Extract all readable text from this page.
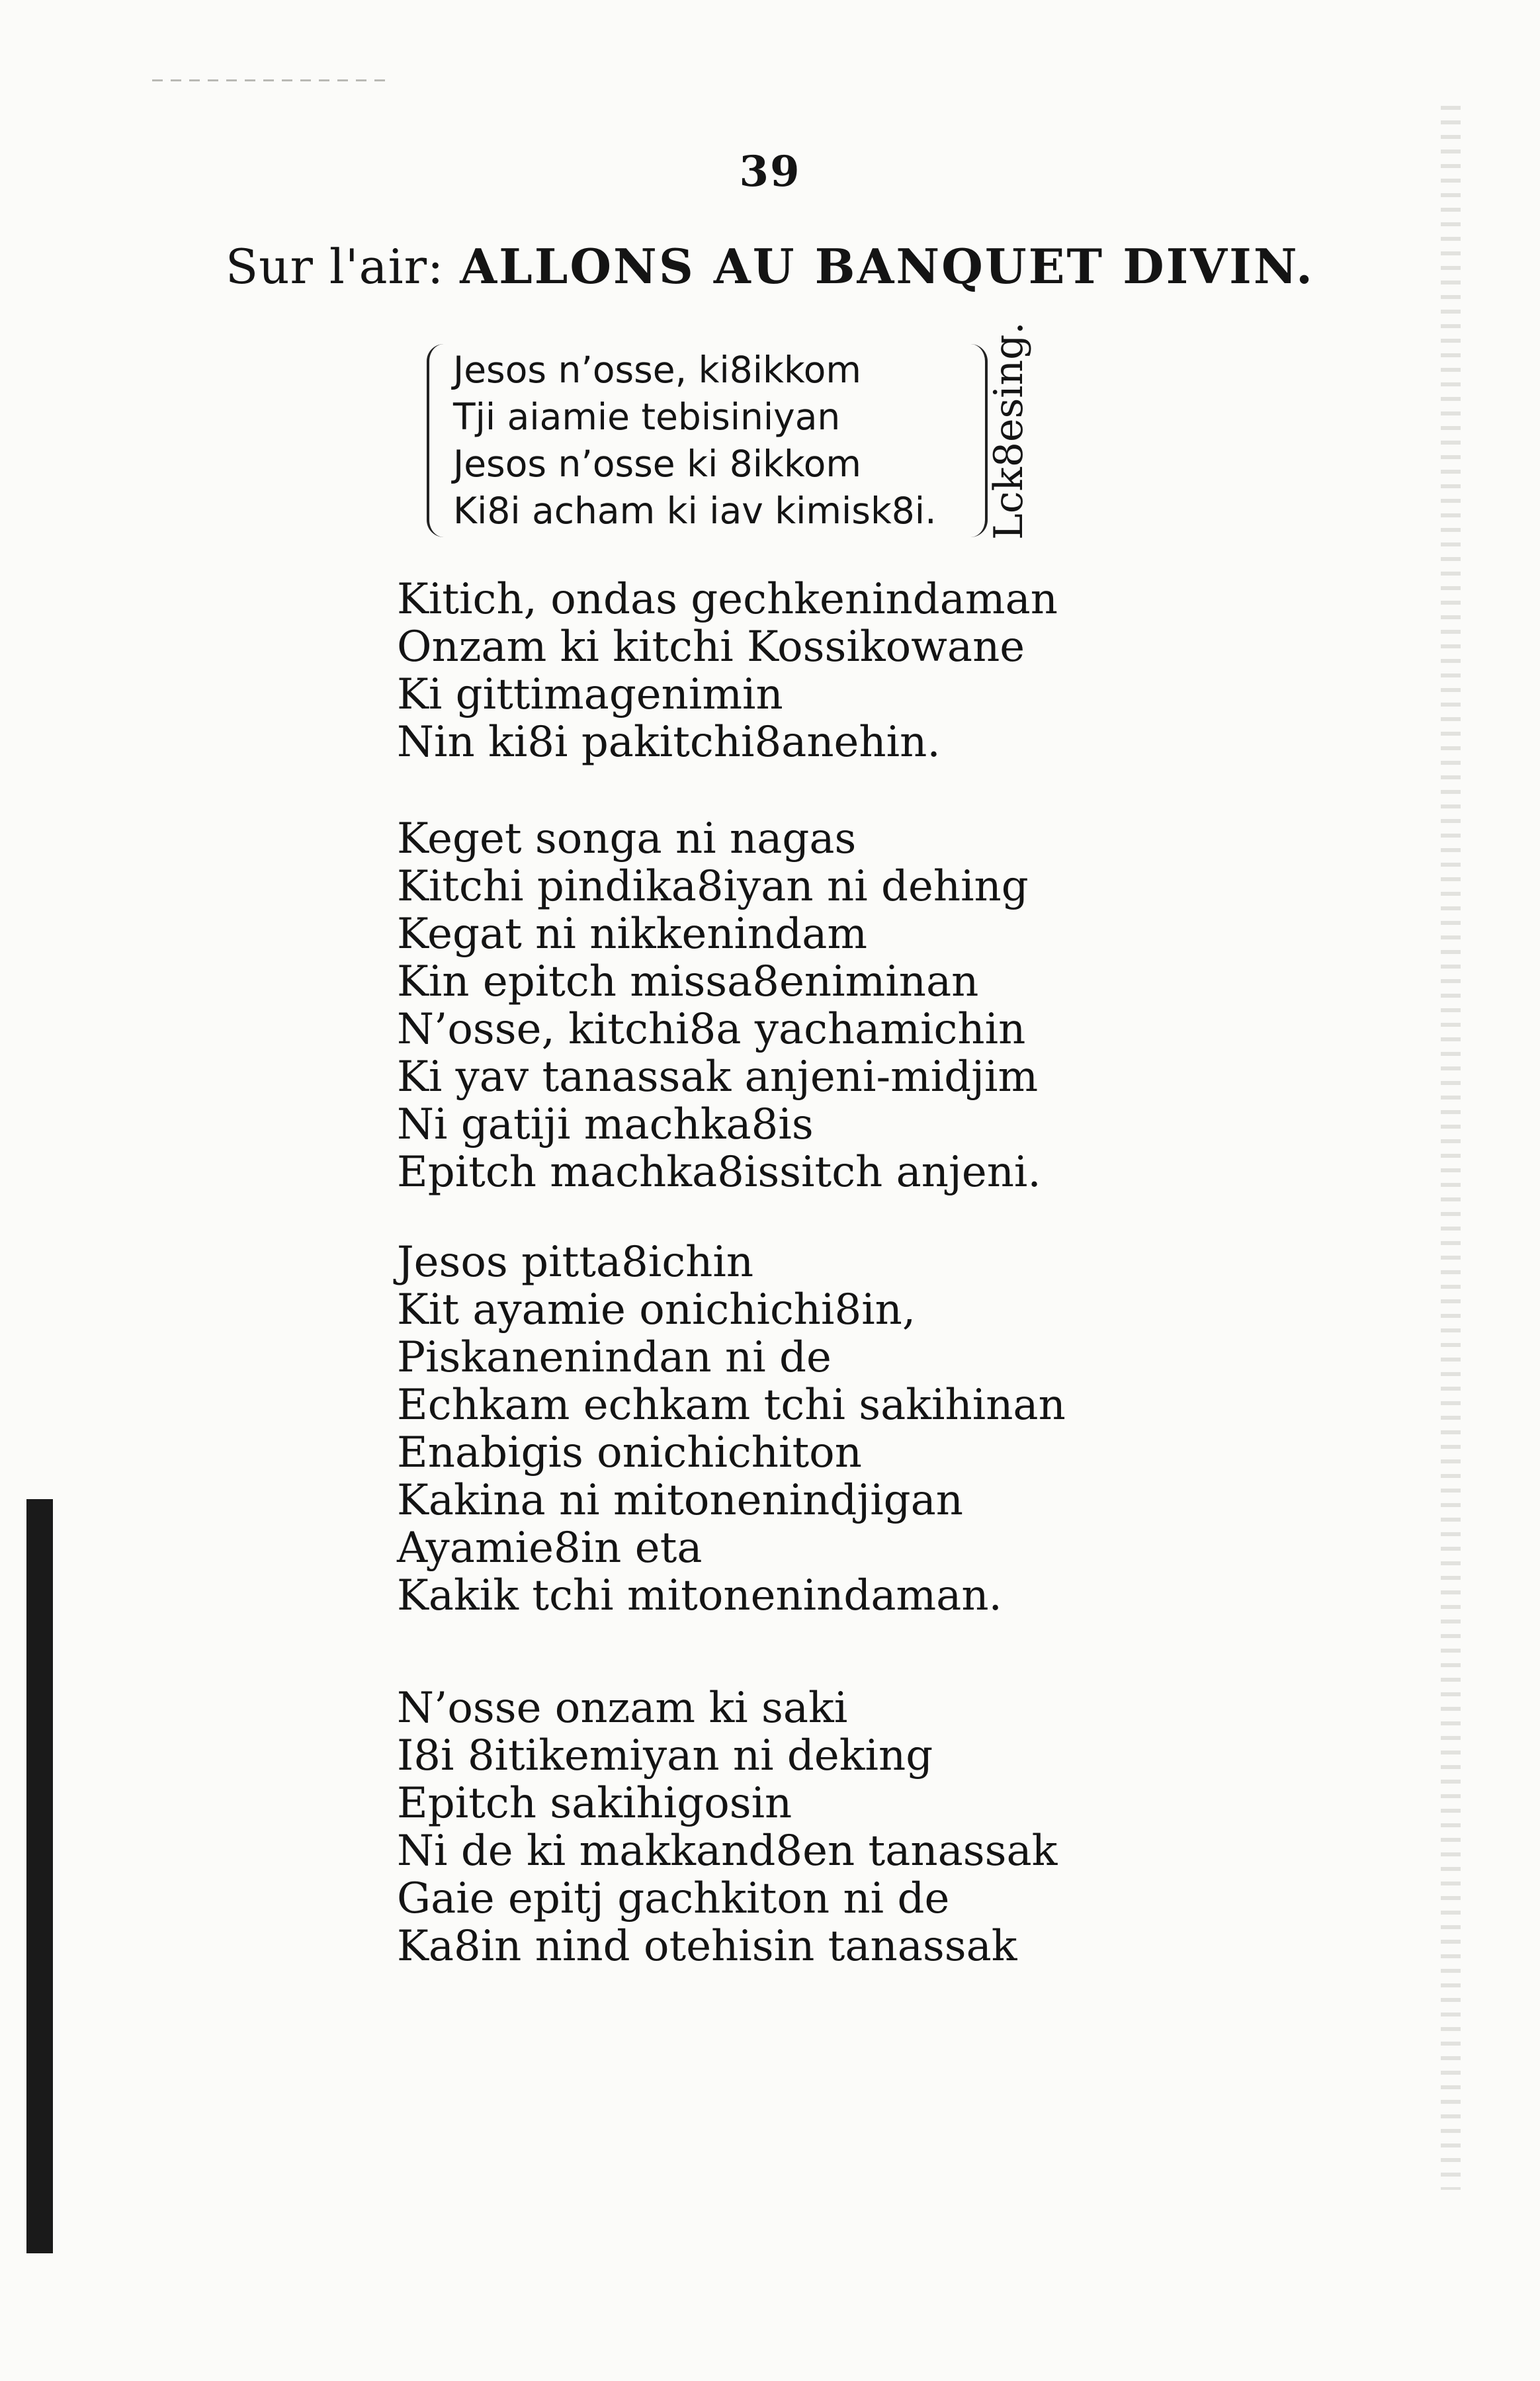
39
Sur l'air: ALLONS AU BANQUET DIVIN.
Jesos n’osse, ki8ikkom
Tji aiamie tebisiniyan
Jesos n’osse ki 8ikkom
Ki8i acham ki iav kimisk8i.	Lck8esing.
Kitich, ondas gechkenindaman
Onzam ki kitchi Kossikowane
Ki gittimagenimin
Nin ki8i pakitchi8anehin.
Keget songa ni nagas
Kitchi pindika8iyan ni dehing
Kegat ni nikkenindam
Kin epitch missa8eniminan
N’osse, kitchi8a yachamichin
Ki yav tanassak anjeni-midjim
Ni gatiji machka8is
Epitch machka8issitch anjeni.
Jesos pitta8ichin
Kit ayamie onichichi8in,
Piskanenindan ni de
Echkam echkam tchi sakihinan
Enabigis onichichiton
Kakina ni mitonenindjigan
Ayamie8in eta
Kakik tchi mitonenindaman.
N’osse onzam ki saki
I8i 8itikemiyan ni deking
Epitch sakihigosin
Ni de ki makkand8en tanassak
Gaie epitj gachkiton ni de
Ka8in nind otehisin tanassak
